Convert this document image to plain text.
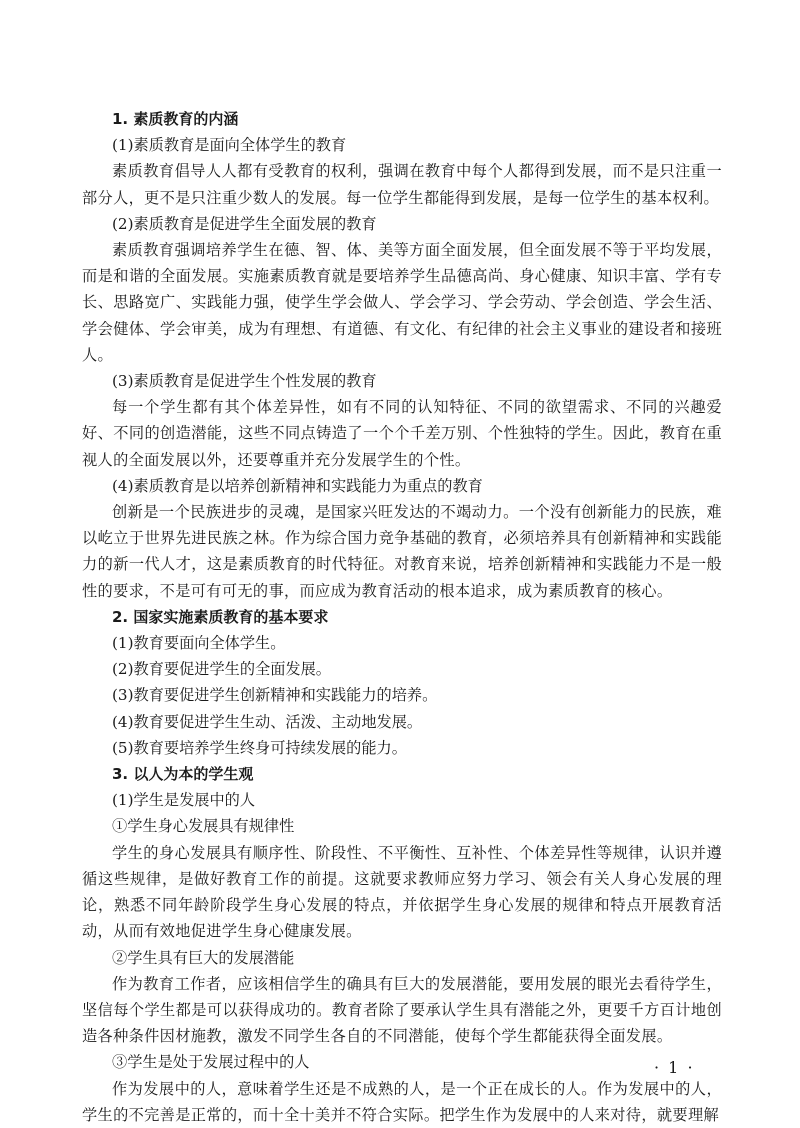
1. 素质教育的内涵

(1)素质教育是面向全体学生的教育

素质教育倡导人人都有受教育的权利，强调在教育中每个人都得到发展，而不是只注重一部分人，更不是只注重少数人的发展。每一位学生都能得到发展，是每一位学生的基本权利。

(2)素质教育是促进学生全面发展的教育

素质教育强调培养学生在德、智、体、美等方面全面发展，但全面发展不等于平均发展，而是和谐的全面发展。实施素质教育就是要培养学生品德高尚、身心健康、知识丰富、学有专长、思路宽广、实践能力强，使学生学会做人、学会学习、学会劳动、学会创造、学会生活、学会健体、学会审美，成为有理想、有道德、有文化、有纪律的社会主义事业的建设者和接班人。

(3)素质教育是促进学生个性发展的教育

每一个学生都有其个体差异性，如有不同的认知特征、不同的欲望需求、不同的兴趣爱好、不同的创造潜能，这些不同点铸造了一个个千差万别、个性独特的学生。因此，教育在重视人的全面发展以外，还要尊重并充分发展学生的个性。

(4)素质教育是以培养创新精神和实践能力为重点的教育

创新是一个民族进步的灵魂，是国家兴旺发达的不竭动力。一个没有创新能力的民族，难以屹立于世界先进民族之林。作为综合国力竞争基础的教育，必须培养具有创新精神和实践能力的新一代人才，这是素质教育的时代特征。对教育来说，培养创新精神和实践能力不是一般性的要求，不是可有可无的事，而应成为教育活动的根本追求，成为素质教育的核心。

2. 国家实施素质教育的基本要求

(1)教育要面向全体学生。

(2)教育要促进学生的全面发展。

(3)教育要促进学生创新精神和实践能力的培养。

(4)教育要促进学生生动、活泼、主动地发展。

(5)教育要培养学生终身可持续发展的能力。

3. 以人为本的学生观

(1)学生是发展中的人

①学生身心发展具有规律性

学生的身心发展具有顺序性、阶段性、不平衡性、互补性、个体差异性等规律，认识并遵循这些规律，是做好教育工作的前提。这就要求教师应努力学习、领会有关人身心发展的理论，熟悉不同年龄阶段学生身心发展的特点，并依据学生身心发展的规律和特点开展教育活动，从而有效地促进学生身心健康发展。

②学生具有巨大的发展潜能

作为教育工作者，应该相信学生的确具有巨大的发展潜能，要用发展的眼光去看待学生，坚信每个学生都是可以获得成功的。教育者除了要承认学生具有潜能之外，更要千方百计地创造各种条件因材施教，激发不同学生各自的不同潜能，使每个学生都能获得全面发展。

③学生是处于发展过程中的人

作为发展中的人，意味着学生还是不成熟的人，是一个正在成长的人。作为发展中的人，学生的不完善是正常的，而十全十美并不符合实际。把学生作为发展中的人来对待，就要理解

· 1 ·
